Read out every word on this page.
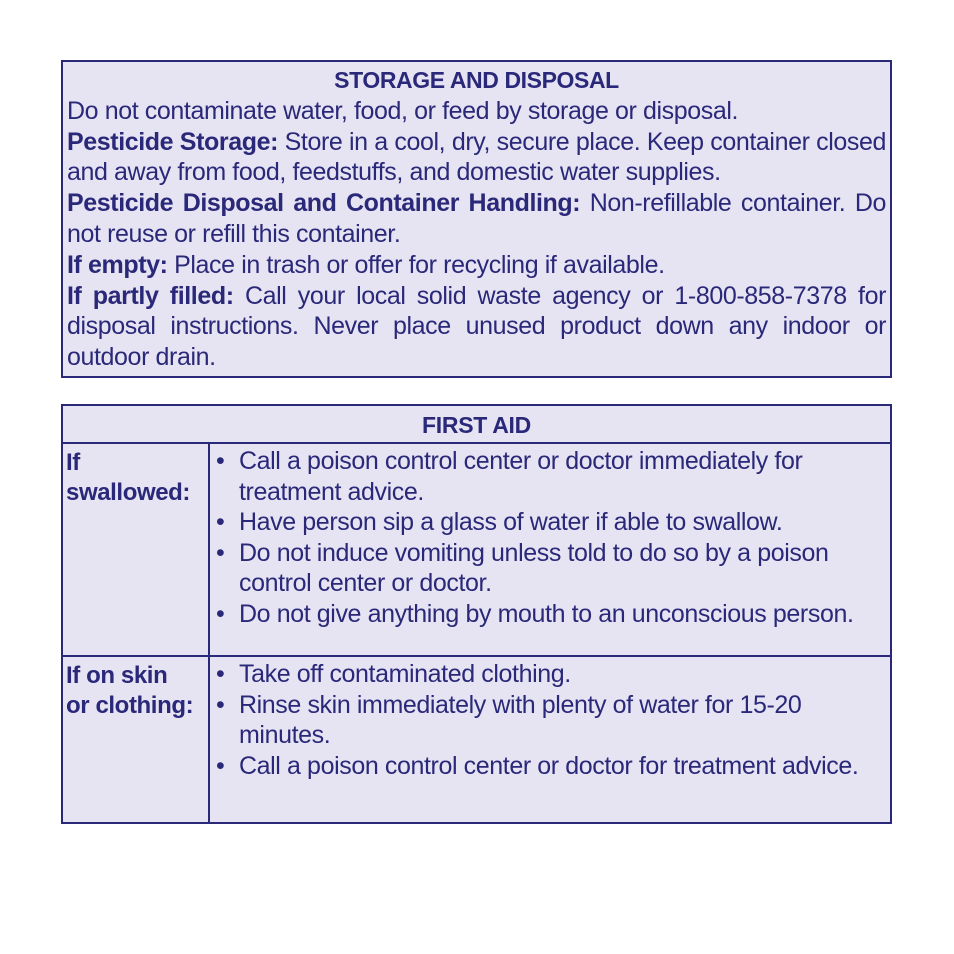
STORAGE AND DISPOSAL

Do not contaminate water, food, or feed by storage or disposal.

Pesticide Storage: Store in a cool, dry, secure place. Keep container closed and away from food, feedstuffs, and domestic water supplies.

Pesticide Disposal and Container Handling: Non-refillable container. Do not reuse or refill this container.

If empty: Place in trash or offer for recycling if available.

If partly filled: Call your local solid waste agency or 1-800-858-7378 for disposal instructions. Never place unused product down any indoor or outdoor drain.

FIRST AID
If
swallowed:
• Call a poison control center or doctor immediately for treatment advice.
• Have person sip a glass of water if able to swallow.
• Do not induce vomiting unless told to do so by a poison control center or doctor.
• Do not give anything by mouth to an unconscious person.
If on skin
or clothing:
• Take off contaminated clothing.
• Rinse skin immediately with plenty of water for 15-20 minutes.
• Call a poison control center or doctor for treatment advice.
